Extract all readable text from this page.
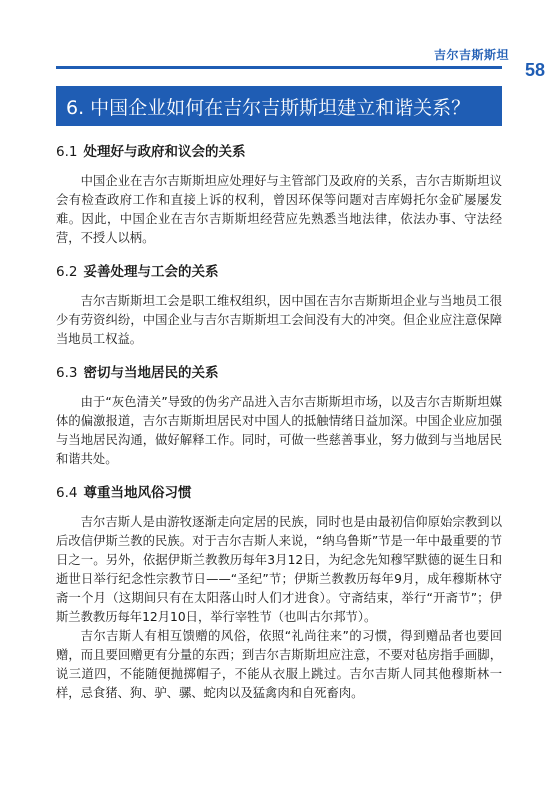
吉尔吉斯斯坦
58
6. 中国企业如何在吉尔吉斯斯坦建立和谐关系？
6.1 处理好与政府和议会的关系

中国企业在吉尔吉斯斯坦应处理好与主管部门及政府的关系，吉尔吉斯斯坦议会有检查政府工作和直接上诉的权利，曾因环保等问题对吉库姆托尔金矿屡屡发难。因此，中国企业在吉尔吉斯斯坦经营应先熟悉当地法律，依法办事、守法经营，不授人以柄。

6.2 妥善处理与工会的关系

吉尔吉斯斯坦工会是职工维权组织，因中国在吉尔吉斯斯坦企业与当地员工很少有劳资纠纷，中国企业与吉尔吉斯斯坦工会间没有大的冲突。但企业应注意保障当地员工权益。

6.3 密切与当地居民的关系

由于“灰色清关”导致的伪劣产品进入吉尔吉斯斯坦市场，以及吉尔吉斯斯坦媒体的偏激报道，吉尔吉斯斯坦居民对中国人的抵触情绪日益加深。中国企业应加强与当地居民沟通，做好解释工作。同时，可做一些慈善事业，努力做到与当地居民和谐共处。

6.4 尊重当地风俗习惯

吉尔吉斯人是由游牧逐渐走向定居的民族，同时也是由最初信仰原始宗教到以后改信伊斯兰教的民族。对于吉尔吉斯人来说，“纳乌鲁斯”节是一年中最重要的节日之一。另外，依据伊斯兰教教历每年3月12日，为纪念先知穆罕默德的诞生日和逝世日举行纪念性宗教节日——“圣纪”节；伊斯兰教教历每年9月，成年穆斯林守斋一个月（这期间只有在太阳落山时人们才进食）。守斋结束，举行“开斋节”；伊斯兰教教历每年12月10日，举行宰牲节（也叫古尔邦节）。

吉尔吉斯人有相互馈赠的风俗，依照“礼尚往来”的习惯，得到赠品者也要回赠，而且要回赠更有分量的东西；到吉尔吉斯斯坦应注意，不要对毡房指手画脚，说三道四，不能随便抛掷帽子，不能从衣服上跳过。吉尔吉斯人同其他穆斯林一样，忌食猪、狗、驴、骡、蛇肉以及猛禽肉和自死畜肉。
